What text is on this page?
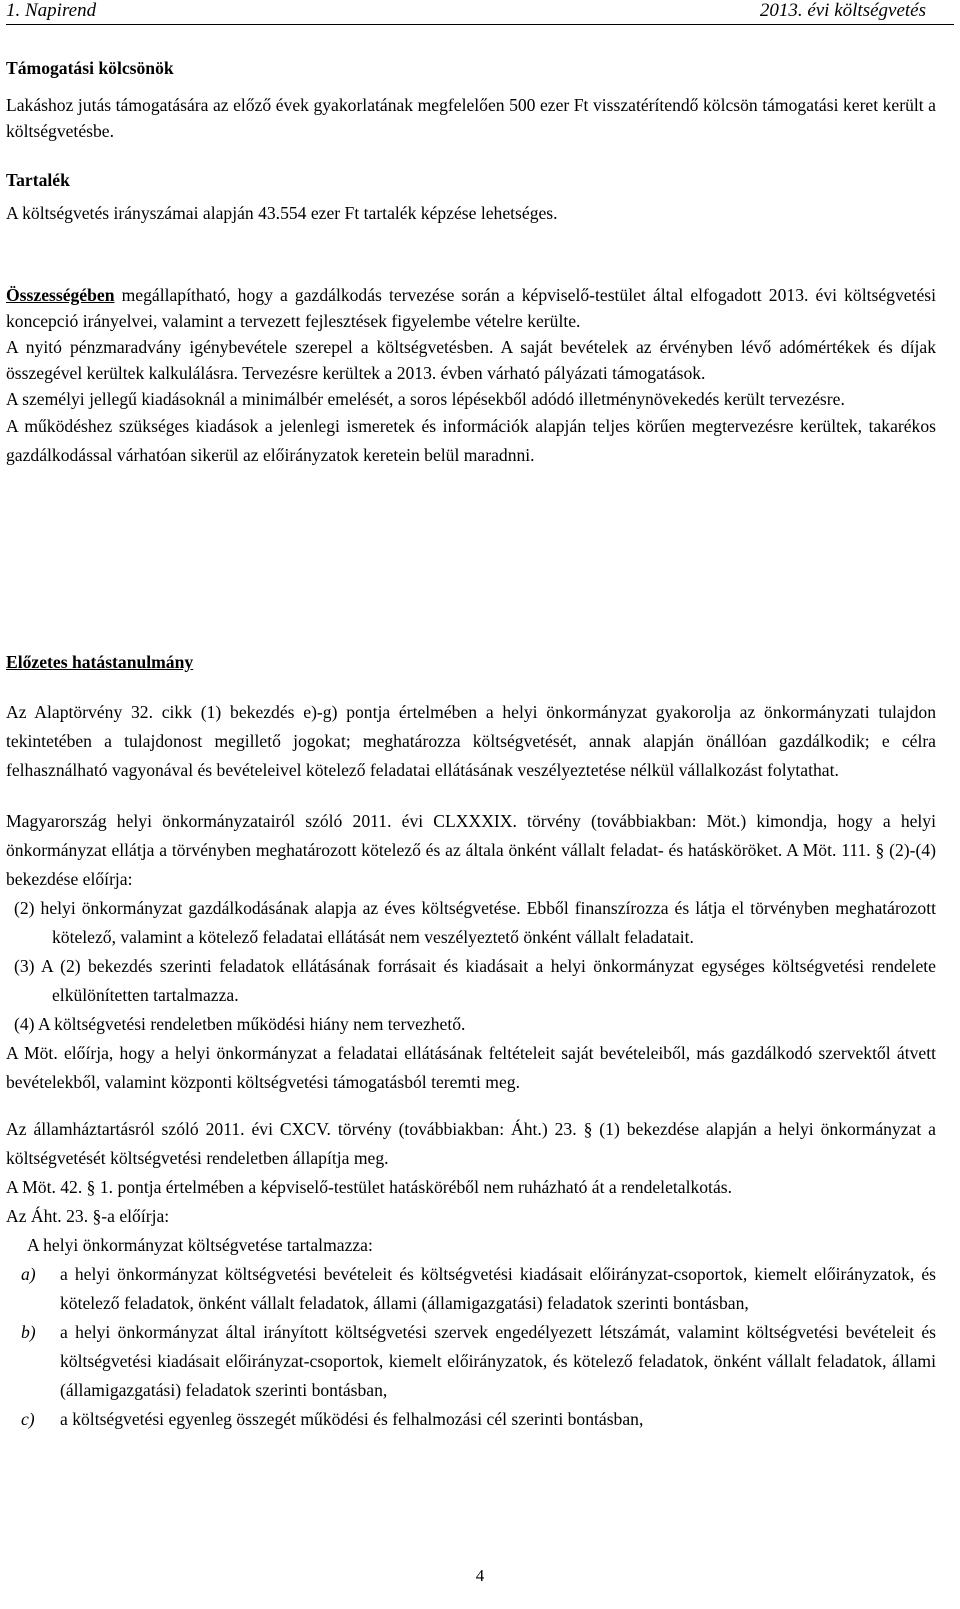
1. Napirend	2013. évi költségvetés

Támogatási kölcsönök

Lakáshoz jutás támogatására az előző évek gyakorlatának megfelelően 500 ezer Ft visszatérítendő kölcsön támogatási keret került a költségvetésbe.

Tartalék

A költségvetés irányszámai alapján 43.554 ezer Ft tartalék képzése lehetséges.

Összességében megállapítható, hogy a gazdálkodás tervezése során a képviselő-testület által elfogadott 2013. évi költségvetési koncepció irányelvei, valamint a tervezett fejlesztések figyelembe vételre kerülte.

A nyitó pénzmaradvány igénybevétele szerepel a költségvetésben. A saját bevételek az érvényben lévő adómértékek és díjak összegével kerültek kalkulálásra. Tervezésre kerültek a 2013. évben várható pályázati támogatások.

A személyi jellegű kiadásoknál a minimálbér emelését, a soros lépésekből adódó illetménynövekedés került tervezésre.

A működéshez szükséges kiadások a jelenlegi ismeretek és információk alapján teljes körűen megtervezésre kerültek, takarékos gazdálkodással várhatóan sikerül az előirányzatok keretein belül maradnni.

Előzetes hatástanulmány

Az Alaptörvény 32. cikk (1) bekezdés e)-g) pontja értelmében a helyi önkormányzat gyakorolja az önkormányzati tulajdon tekintetében a tulajdonost megillető jogokat; meghatározza költségvetését, annak alapján önállóan gazdálkodik; e célra felhasználható vagyonával és bevételeivel kötelező feladatai ellátásának veszélyeztetése nélkül vállalkozást folytathat.

Magyarország helyi önkormányzatairól szóló 2011. évi CLXXXIX. törvény (továbbiakban: Möt.) kimondja, hogy a helyi önkormányzat ellátja a törvényben meghatározott kötelező és az általa önként vállalt feladat- és hatásköröket. A Möt. 111. § (2)-(4) bekezdése előírja:

(2) helyi önkormányzat gazdálkodásának alapja az éves költségvetése. Ebből finanszírozza és látja el törvényben meghatározott kötelező, valamint a kötelező feladatai ellátását nem veszélyeztető önként vállalt feladatait.

(3) A (2) bekezdés szerinti feladatok ellátásának forrásait és kiadásait a helyi önkormányzat egységes költségvetési rendelete elkülönítetten tartalmazza.

(4) A költségvetési rendeletben működési hiány nem tervezhető.

A Möt. előírja, hogy a helyi önkormányzat a feladatai ellátásának feltételeit saját bevételeiből, más gazdálkodó szervektől átvett bevételekből, valamint központi költségvetési támogatásból teremti meg.

Az államháztartásról szóló 2011. évi CXCV. törvény (továbbiakban: Áht.) 23. § (1) bekezdése alapján a helyi önkormányzat a költségvetését költségvetési rendeletben állapítja meg.

A Möt. 42. § 1. pontja értelmében a képviselő-testület hatásköréből nem ruházható át a rendeletalkotás.

Az Áht. 23. §-a előírja:

A helyi önkormányzat költségvetése tartalmazza:

a) a helyi önkormányzat költségvetési bevételeit és költségvetési kiadásait előirányzat-csoportok, kiemelt előirányzatok, és kötelező feladatok, önként vállalt feladatok, állami (államigazgatási) feladatok szerinti bontásban,
b) a helyi önkormányzat által irányított költségvetési szervek engedélyezett létszámát, valamint költségvetési bevételeit és költségvetési kiadásait előirányzat-csoportok, kiemelt előirányzatok, és kötelező feladatok, önként vállalt feladatok, állami (államigazgatási) feladatok szerinti bontásban,
c) a költségvetési egyenleg összegét működési és felhalmozási cél szerinti bontásban,
4
